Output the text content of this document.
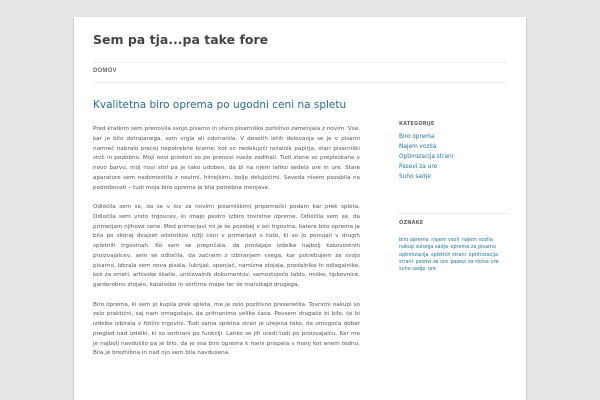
Sem pa tja...pa take fore
DOMOV
Kvalitetna biro oprema po ugodni ceni na spletu

Pred kratkim sem prenovila svojo pisarno in staro pisarniško pohištvo zamenjala z novim. Vse, kar je bilo dotrajanega, sem vrgla ali odstranila. V desetih letih delovanja se je v pisarni namreč nabralo precej nepotrebne krame, kot so nedelujoči rezalnik papirja, stari pisarniški stoli in podobno. Moji novi prostori so po prenovi sveže zadihali. Tudi stene so prepleskane v novo barvo, moj novi stol pa je tako udoben, da bi na njem lahko sedela ure in ure. Stare aparature sem nadomestila z novimi, hitrejšimi, bolje delujočimi. Seveda nisem pozabila na podrobnosti – tudi moja biro oprema je bila potrebna menjave.

Odločila sem se, da se v lov za novimi pisarniškimi pripomočki podam kar prek spleta. Odločila sem vrsto trgovcev, ki imajo pestro izbiro tovrstne opreme. Odločila sem se, da primerjam njihove cene. Med primerjavi mi je še posebej v oči trgovina, katere biro oprema je bila po skoraj dvajset odstotkov nižji ceni v primerjavi s tisto, ki so jo ponujali v drugih spletnih trgovinah. Ko sem se prepričala, da prodajajo izdelke najbolj kakovostnih proizvajalcev, sem se odločila, da začnem z izbiranjem vsega, kar potrebujem za svojo pisarno. Izbrala sem nova pisala, luknjač, spenjač, namizna stojala, predalnike in odlagalnike, koš za smeti, arhivske škatle, uničevalnik dokumentov, samostojeĉo tablo, miške, tipkovnice, garderobno stojalo, kataloške in sortirne mape ter še marsikajd drugega.

Biro oprema, ki sem jo kupila prek spleta, me je zelo pozitivno presenetila. Tovrstni nakupi so zelo praktični, saj nam omogočajo, da prihranimo veliko časa. Povsem drugače bi bilo, če bi izdelke izbirala v fizični trgovini. Tudi sama spletna stran je urejena tako, da omogoča dober pregled nad izdelki, ki so sortirani po funkciji. Lahko se jih uredi tudi po proizvajalcu. Kar me je najbolj navdušilo pa je bilo, da je vsa biro oprema k meni prispela v manj kot enem tednu. Bila je brezhibna in nad njo sem bila navdušena.

KATEGORIJE
Biro oprema
Najem vozila
Optimizacija strani
Pasovi za ure
Suho sadje
OZNAKE
biro oprema najem vozil najem vozila nakup suhega sadja oprema za pisarno optimizacija spletnih strani optimizacija strani pasovi za ure pasovi za ročne ure suho sadje ure
